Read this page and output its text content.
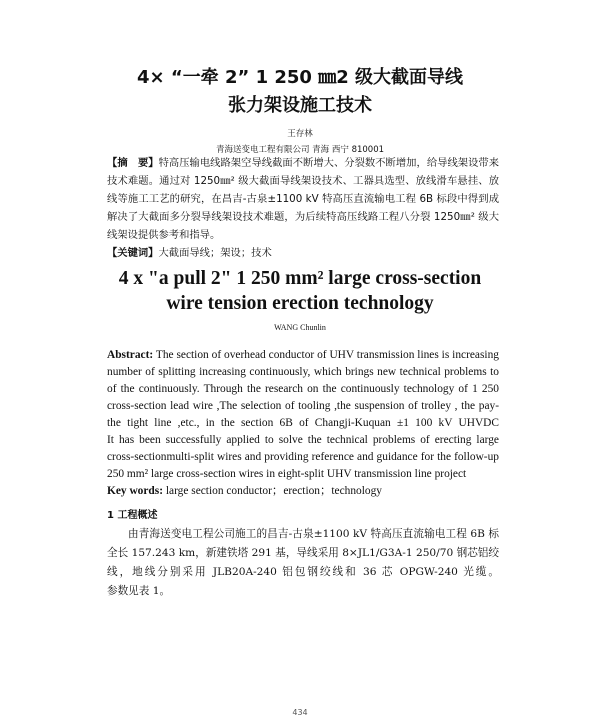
4× “一牵 2” 1 250 ㎜2 级大截面导线
张力架设施工技术
王存林
青海送变电工程有限公司 青海 西宁 810001
【摘　要】特高压输电线路架空导线截面不断增大、分裂数不断增加，给导线架设带来
技术难题。通过对 1250㎜² 级大截面导线架设技术、工器具选型、放线滑车悬挂、放
线等施工工艺的研究，在昌吉-古泉±1100 kV 特高压直流输电工程 6B 标段中得到成
解决了大截面多分裂导线架设技术难题，为后续特高压线路工程八分裂 1250㎜² 级大
线架设提供参考和指导。
【关键词】大截面导线；架设；技术
4 x "a pull 2" 1 250 mm² large cross-section
wire tension erection technology
WANG Chunlin
Abstract: The section of overhead conductor of UHV transmission lines is increasing
number of splitting increasing continuously, which brings new technical problems to
of the continuously. Through the research on the continuously technology of 1 250
cross-section lead wire ,The selection of tooling ,the suspension of trolley , the pay-
the tight line ,etc., in the section 6B of Changji-Kuquan ±1 100 kV UHVDC
It has been successfully applied to solve the technical problems of erecting large
cross-sectionmulti-split wires and providing reference and guidance for the follow-up
250 mm² large cross-section wires in eight-split UHV transmission line project
Key words: large section conductor；erection；technology
1 工程概述
由青海送变电工程公司施工的昌吉-古泉±1100 kV 特高压直流输电工程 6B 标
全长 157.243 km，新建铁塔 291 基，导线采用 8×JL1/G3A-1 250/70 钢芯铝绞
线，地线分别采用 JLB20A-240 铝包钢绞线和 36 芯 OPGW-240 光缆。
参数见表 1。
434
